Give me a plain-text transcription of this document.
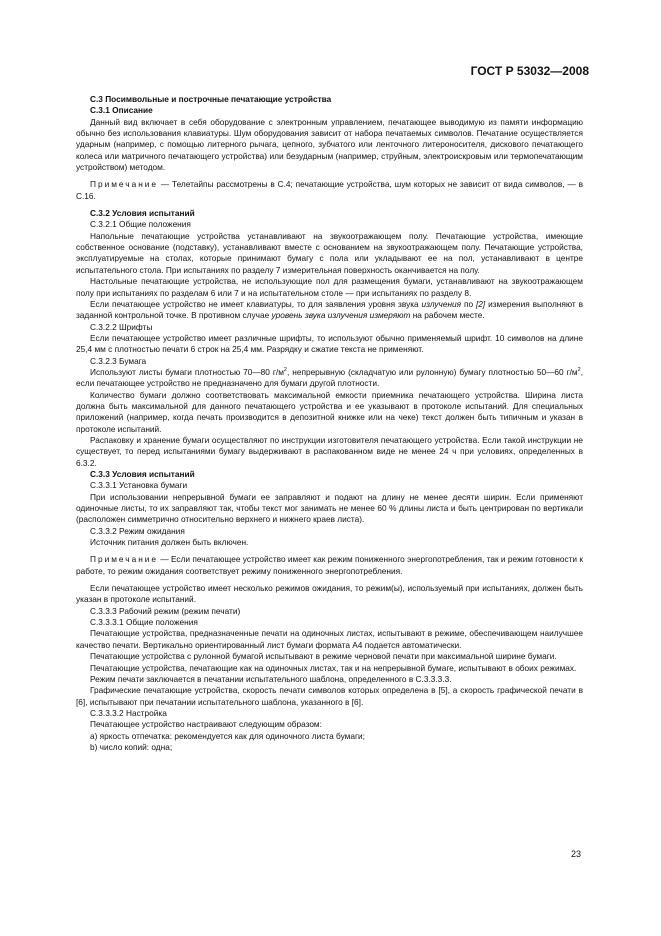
ГОСТ Р 53032—2008

С.3 Посимвольные и построчные печатающие устройства

С.3.1 Описание

Данный вид включает в себя оборудование с электронным управлением, печатающее выводимую из памяти информацию обычно без использования клавиатуры. Шум оборудования зависит от набора печатаемых символов. Печатание осуществляется ударным (например, с помощью литерного рычага, цепного, зубчатого или ленточного литероносителя, дискового печатающего колеса или матричного печатающего устройства) или безударным (например, струйным, электроискровым или термопечатающим устройством) методом.

Примечание — Телетайпы рассмотрены в С.4; печатающие устройства, шум которых не зависит от вида символов, — в С.16.

С.3.2 Условия испытаний

С.3.2.1 Общие положения

Напольные печатающие устройства устанавливают на звукоотражающем полу. Печатающие устройства, имеющие собственное основание (подставку), устанавливают вместе с основанием на звукоотражающем полу. Печатающие устройства, эксплуатируемые на столах, которые принимают бумагу с пола или укладывают ее на пол, устанавливают в центре испытательного стола. При испытаниях по разделу 7 измерительная поверхность оканчивается на полу.

Настольные печатающие устройства, не использующие пол для размещения бумаги, устанавливают на звукоотражающем полу при испытаниях по разделам 6 или 7 и на испытательном столе — при испытаниях по разделу 8.

Если печатающее устройство не имеет клавиатуры, то для заявления уровня звука излучения по [2] измерения выполняют в заданной контрольной точке. В противном случае уровень звука излучения измеряют на рабочем месте.

С.3.2.2 Шрифты

Если печатающее устройство имеет различные шрифты, то используют обычно применяемый шрифт. 10 символов на длине 25,4 мм с плотностью печати 6 строк на 25,4 мм. Разрядку и сжатие текста не применяют.

С.3.2.3 Бумага

Используют листы бумаги плотностью 70—80 $г/м^2$, непрерывную (складчатую или рулонную) бумагу плотностью 50—60 $г/м^2$, если печатающее устройство не предназначено для бумаги другой плотности.

Количество бумаги должно соответствовать максимальной емкости приемника печатающего устройства. Ширина листа должна быть максимальной для данного печатающего устройства и ее указывают в протоколе испытаний. Для специальных приложений (например, когда печать производится в депозитной книжке или на чеке) текст должен быть типичным и указан в протоколе испытаний.

Распаковку и хранение бумаги осуществляют по инструкции изготовителя печатающего устройства. Если такой инструкции не существует, то перед испытаниями бумагу выдерживают в распакованном виде не менее 24 ч при условиях, определенных в 6.3.2.

С.3.3 Условия испытаний

С.3.3.1 Установка бумаги

При использовании непрерывной бумаги ее заправляют и подают на длину не менее десяти ширин. Если применяют одиночные листы, то их заправляют так, чтобы текст мог занимать не менее 60 % длины листа и быть центрирован по вертикали (расположен симметрично относительно верхнего и нижнего краев листа).

С.3.3.2 Режим ожидания

Источник питания должен быть включен.

Примечание — Если печатающее устройство имеет как режим пониженного энергопотребления, так и режим готовности к работе, то режим ожидания соответствует режиму пониженного энергопотребления.

Если печатающее устройство имеет несколько режимов ожидания, то режим(ы), используемый при испытаниях, должен быть указан в протоколе испытаний.

С.3.3.3 Рабочий режим (режим печати)

С.3.3.3.1 Общие положения

Печатающие устройства, предназначенные печати на одиночных листах, испытывают в режиме, обеспечивающем наилучшее качество печати. Вертикально ориентированный лист бумаги формата А4 подается автоматически.

Печатающие устройства с рулонной бумагой испытывают в режиме черновой печати при максимальной ширине бумаги.

Печатающие устройства, печатающие как на одиночных листах, так и на непрерывной бумаге, испытывают в обоих режимах.

Режим печати заключается в печатании испытательного шаблона, определенного в С.3.3.3.3.

Графические печатающие устройства, скорость печати символов которых определена в [5], а скорость графической печати в [6], испытывают при печатании испытательного шаблона, указанного в [6].

С.3.3.3.2 Настройка

Печатающее устройство настраивают следующим образом:

а) яркость отпечатка: рекомендуется как для одиночного листа бумаги;

b) число копий: одна;

23
